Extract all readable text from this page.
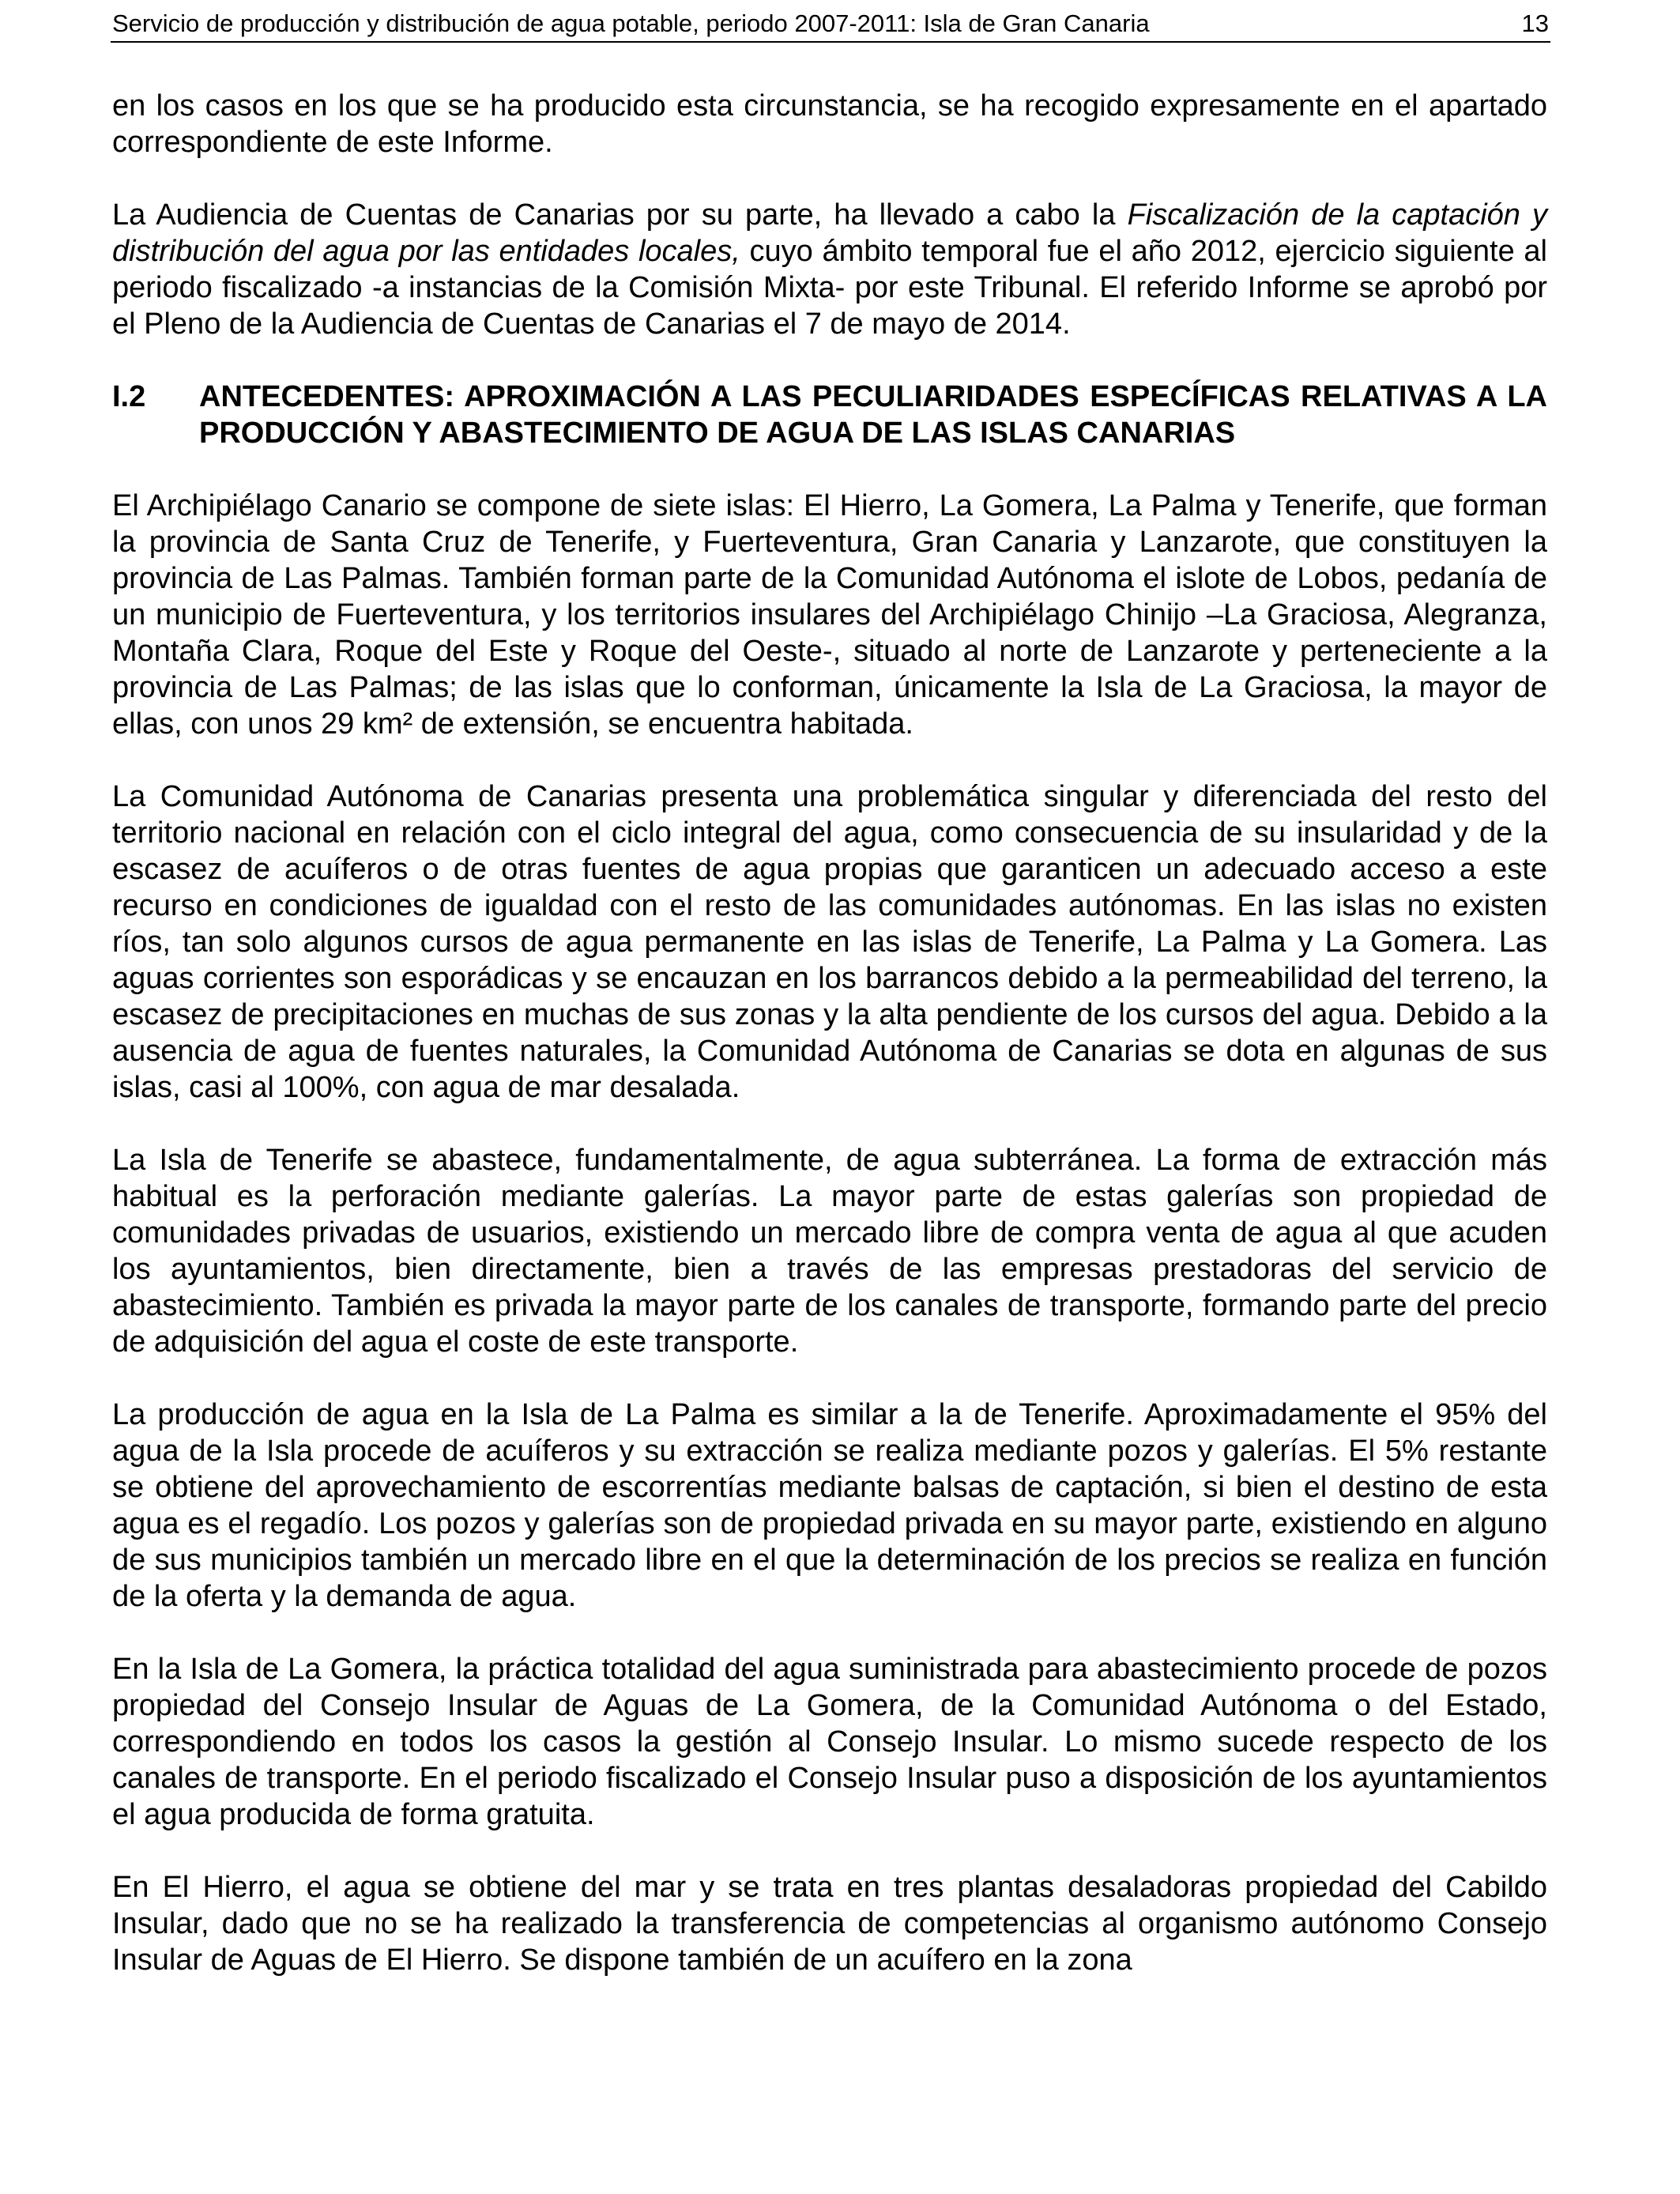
Servicio de producción y distribución de agua potable, periodo 2007-2011: Isla de Gran Canaria	13

en los casos en los que se ha producido esta circunstancia, se ha recogido expresamente en el apartado correspondiente de este Informe.

La Audiencia de Cuentas de Canarias por su parte, ha llevado a cabo la Fiscalización de la captación y distribución del agua por las entidades locales, cuyo ámbito temporal fue el año 2012, ejercicio siguiente al periodo fiscalizado -a instancias de la Comisión Mixta- por este Tribunal. El referido Informe se aprobó por el Pleno de la Audiencia de Cuentas de Canarias el 7 de mayo de 2014.

I.2	ANTECEDENTES: APROXIMACIÓN A LAS PECULIARIDADES ESPECÍFICAS RELATIVAS A LA PRODUCCIÓN Y ABASTECIMIENTO DE AGUA DE LAS ISLAS CANARIAS

El Archipiélago Canario se compone de siete islas: El Hierro, La Gomera, La Palma y Tenerife, que forman la provincia de Santa Cruz de Tenerife, y Fuerteventura, Gran Canaria y Lanzarote, que constituyen la provincia de Las Palmas. También forman parte de la Comunidad Autónoma el islote de Lobos, pedanía de un municipio de Fuerteventura, y los territorios insulares del Archipiélago Chinijo –La Graciosa, Alegranza, Montaña Clara, Roque del Este y Roque del Oeste-, situado al norte de Lanzarote y perteneciente a la provincia de Las Palmas; de las islas que lo conforman, únicamente la Isla de La Graciosa, la mayor de ellas, con unos 29 km² de extensión, se encuentra habitada.

La Comunidad Autónoma de Canarias presenta una problemática singular y diferenciada del resto del territorio nacional en relación con el ciclo integral del agua, como consecuencia de su insularidad y de la escasez de acuíferos o de otras fuentes de agua propias que garanticen un adecuado acceso a este recurso en condiciones de igualdad con el resto de las comunidades autónomas. En las islas no existen ríos, tan solo algunos cursos de agua permanente en las islas de Tenerife, La Palma y La Gomera. Las aguas corrientes son esporádicas y se encauzan en los barrancos debido a la permeabilidad del terreno, la escasez de precipitaciones en muchas de sus zonas y la alta pendiente de los cursos del agua. Debido a la ausencia de agua de fuentes naturales, la Comunidad Autónoma de Canarias se dota en algunas de sus islas, casi al 100%, con agua de mar desalada.

La Isla de Tenerife se abastece, fundamentalmente, de agua subterránea. La forma de extracción más habitual es la perforación mediante galerías. La mayor parte de estas galerías son propiedad de comunidades privadas de usuarios, existiendo un mercado libre de compra venta de agua al que acuden los ayuntamientos, bien directamente, bien a través de las empresas prestadoras del servicio de abastecimiento. También es privada la mayor parte de los canales de transporte, formando parte del precio de adquisición del agua el coste de este transporte.

La producción de agua en la Isla de La Palma es similar a la de Tenerife. Aproximadamente el 95% del agua de la Isla procede de acuíferos y su extracción se realiza mediante pozos y galerías. El 5% restante se obtiene del aprovechamiento de escorrentías mediante balsas de captación, si bien el destino de esta agua es el regadío. Los pozos y galerías son de propiedad privada en su mayor parte, existiendo en alguno de sus municipios también un mercado libre en el que la determinación de los precios se realiza en función de la oferta y la demanda de agua.

En la Isla de La Gomera, la práctica totalidad del agua suministrada para abastecimiento procede de pozos propiedad del Consejo Insular de Aguas de La Gomera, de la Comunidad Autónoma o del Estado, correspondiendo en todos los casos la gestión al Consejo Insular. Lo mismo sucede respecto de los canales de transporte. En el periodo fiscalizado el Consejo Insular puso a disposición de los ayuntamientos el agua producida de forma gratuita.

En El Hierro, el agua se obtiene del mar y se trata en tres plantas desaladoras propiedad del Cabildo Insular, dado que no se ha realizado la transferencia de competencias al organismo autónomo Consejo Insular de Aguas de El Hierro. Se dispone también de un acuífero en la zona
